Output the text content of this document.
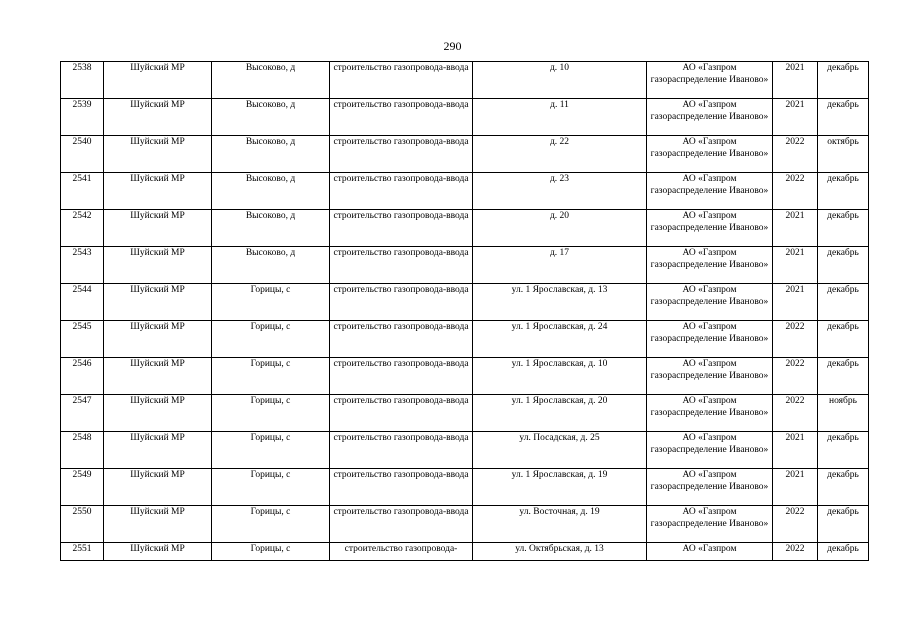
290
2538	Шуйский МР	Высоково, д	строительство газопровода-ввода	д. 10	АО «Газпром газораспределение Иваново»	2021	декабрь
2539	Шуйский МР	Высоково, д	строительство газопровода-ввода	д. 11	АО «Газпром газораспределение Иваново»	2021	декабрь
2540	Шуйский МР	Высоково, д	строительство газопровода-ввода	д. 22	АО «Газпром газораспределение Иваново»	2022	октябрь
2541	Шуйский МР	Высоково, д	строительство газопровода-ввода	д. 23	АО «Газпром газораспределение Иваново»	2022	декабрь
2542	Шуйский МР	Высоково, д	строительство газопровода-ввода	д. 20	АО «Газпром газораспределение Иваново»	2021	декабрь
2543	Шуйский МР	Высоково, д	строительство газопровода-ввода	д. 17	АО «Газпром газораспределение Иваново»	2021	декабрь
2544	Шуйский МР	Горицы, с	строительство газопровода-ввода	ул. 1 Ярославская, д. 13	АО «Газпром газораспределение Иваново»	2021	декабрь
2545	Шуйский МР	Горицы, с	строительство газопровода-ввода	ул. 1 Ярославская, д. 24	АО «Газпром газораспределение Иваново»	2022	декабрь
2546	Шуйский МР	Горицы, с	строительство газопровода-ввода	ул. 1 Ярославская, д. 10	АО «Газпром газораспределение Иваново»	2022	декабрь
2547	Шуйский МР	Горицы, с	строительство газопровода-ввода	ул. 1 Ярославская, д. 20	АО «Газпром газораспределение Иваново»	2022	ноябрь
2548	Шуйский МР	Горицы, с	строительство газопровода-ввода	ул. Посадская, д. 25	АО «Газпром газораспределение Иваново»	2021	декабрь
2549	Шуйский МР	Горицы, с	строительство газопровода-ввода	ул. 1 Ярославская, д. 19	АО «Газпром газораспределение Иваново»	2021	декабрь
2550	Шуйский МР	Горицы, с	строительство газопровода-ввода	ул. Восточная, д. 19	АО «Газпром газораспределение Иваново»	2022	декабрь
2551	Шуйский МР	Горицы, с	строительство газопровода-	ул. Октябрьская, д. 13	АО «Газпром	2022	декабрь
